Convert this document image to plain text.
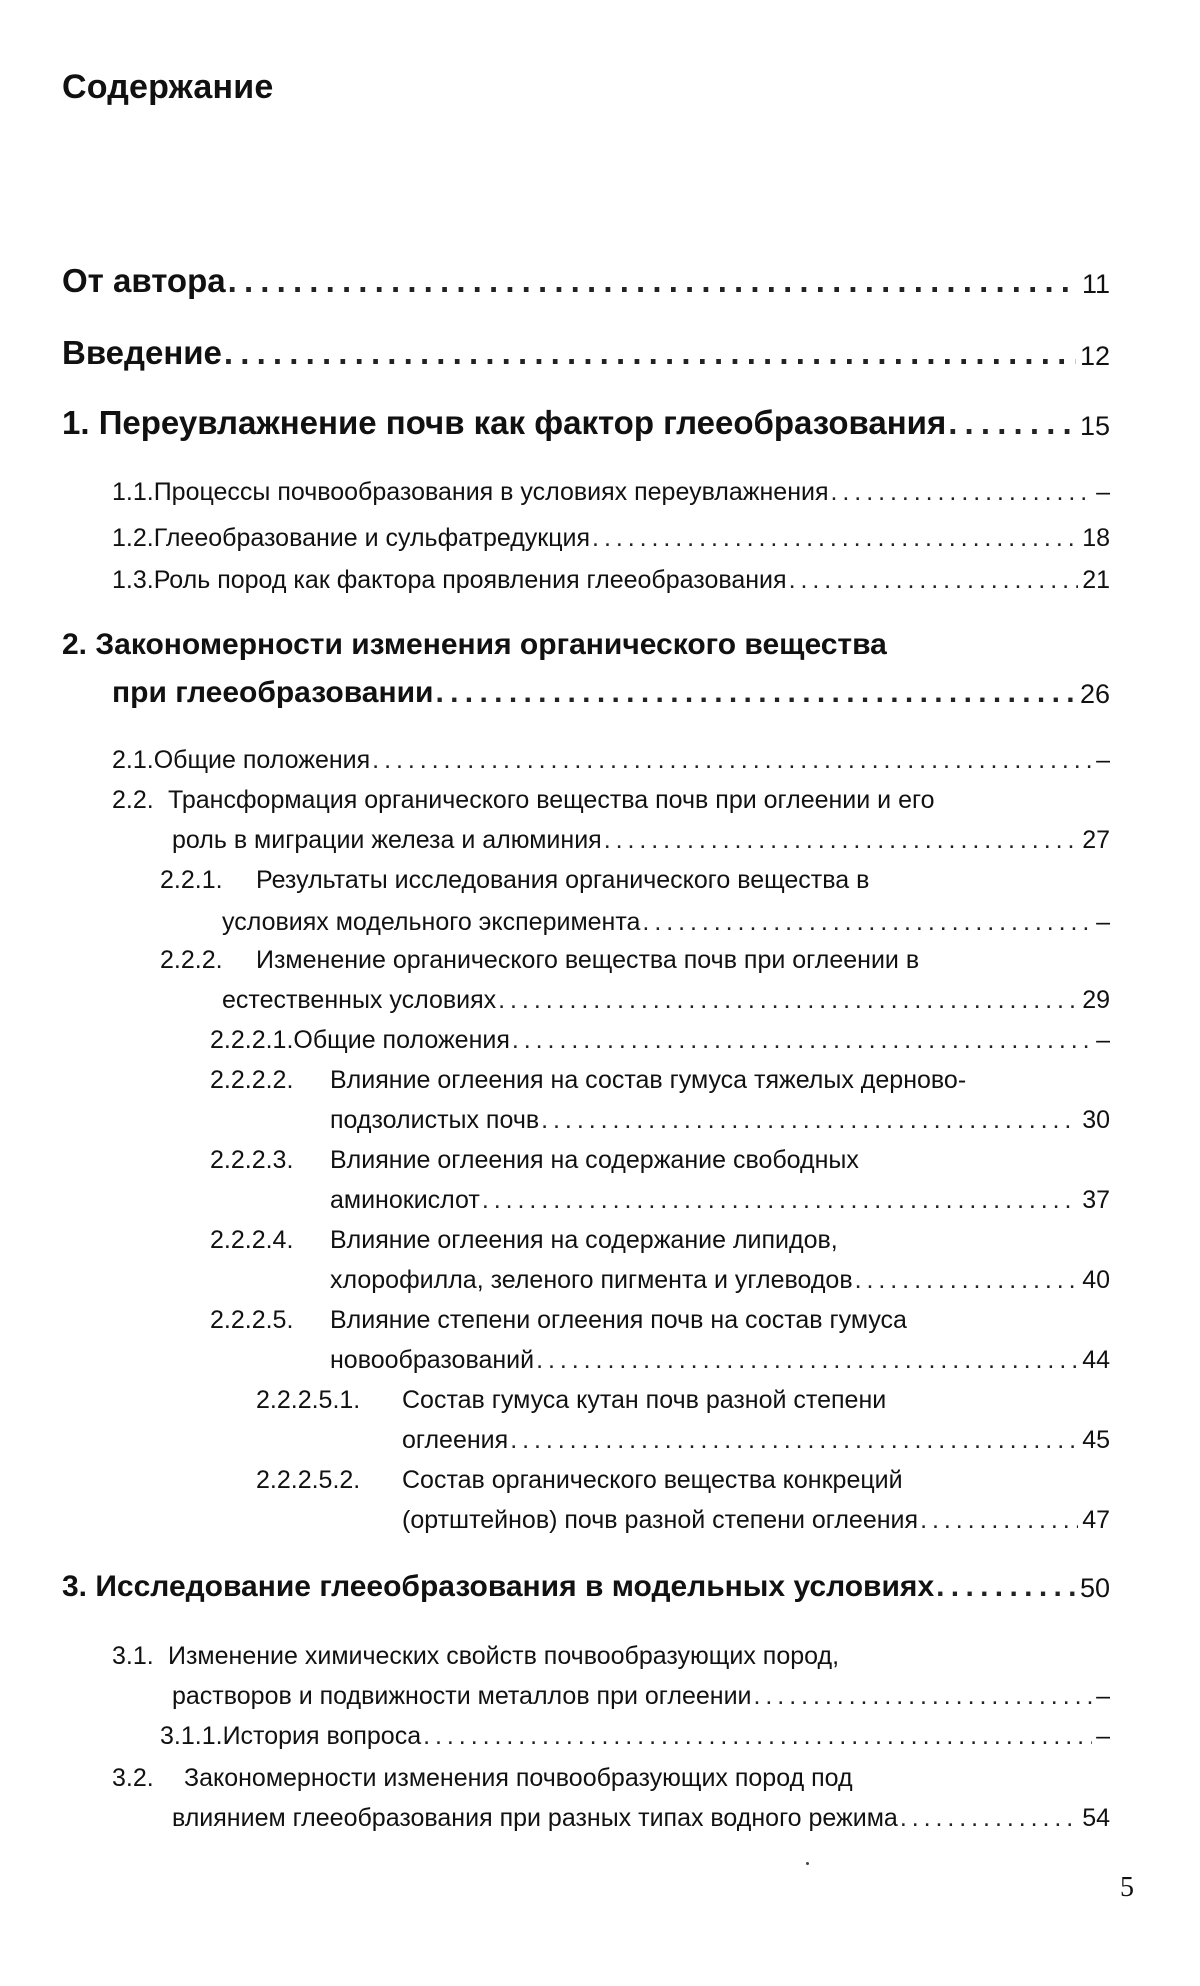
Содержание
От автора . . .	11
Введение . . .	12
1. Переувлажнение почв как фактор глееобразования . . .	15
1.1. Процессы почвообразования в условиях переувлажнения . . .	–
1.2. Глееобразование и сульфатредукция . . .	18
1.3. Роль пород как фактора проявления глееобразования . . .	21
2. Закономерности изменения органического вещества
при глееобразовании . . .	26
2.1. Общие положения . . .	–
2.2. Трансформация органического вещества почв при оглеении и его
роль в миграции железа и алюминия . . .	27
2.2.1. Результаты исследования органического вещества в
условиях модельного эксперимента . . .	–
2.2.2. Изменение органического вещества почв при оглеении в
естественных условиях . . .	29
2.2.2.1. Общие положения . . .	–
2.2.2.2. Влияние оглеения на состав гумуса тяжелых дерново-
подзолистых почв . . .	30
2.2.2.3. Влияние оглеения на содержание свободных
аминокислот . . .	37
2.2.2.4. Влияние оглеения на содержание липидов,
хлорофилла, зеленого пигмента и углеводов . . .	40
2.2.2.5. Влияние степени оглеения почв на состав гумуса
новообразований . . .	44
2.2.2.5.1. Состав гумуса кутан почв разной степени
оглеения . . .	45
2.2.2.5.2. Состав органического вещества конкреций
(ортштейнов) почв разной степени оглеения . . .	47
3. Исследование глееобразования в модельных условиях . . .	50
3.1. Изменение химических свойств почвообразующих пород,
растворов и подвижности металлов при оглеении . . .	–
3.1.1. История вопроса . . .	–
3.2. Закономерности изменения почвообразующих пород под
влиянием глееобразования при разных типах водного режима . . .	54
5
